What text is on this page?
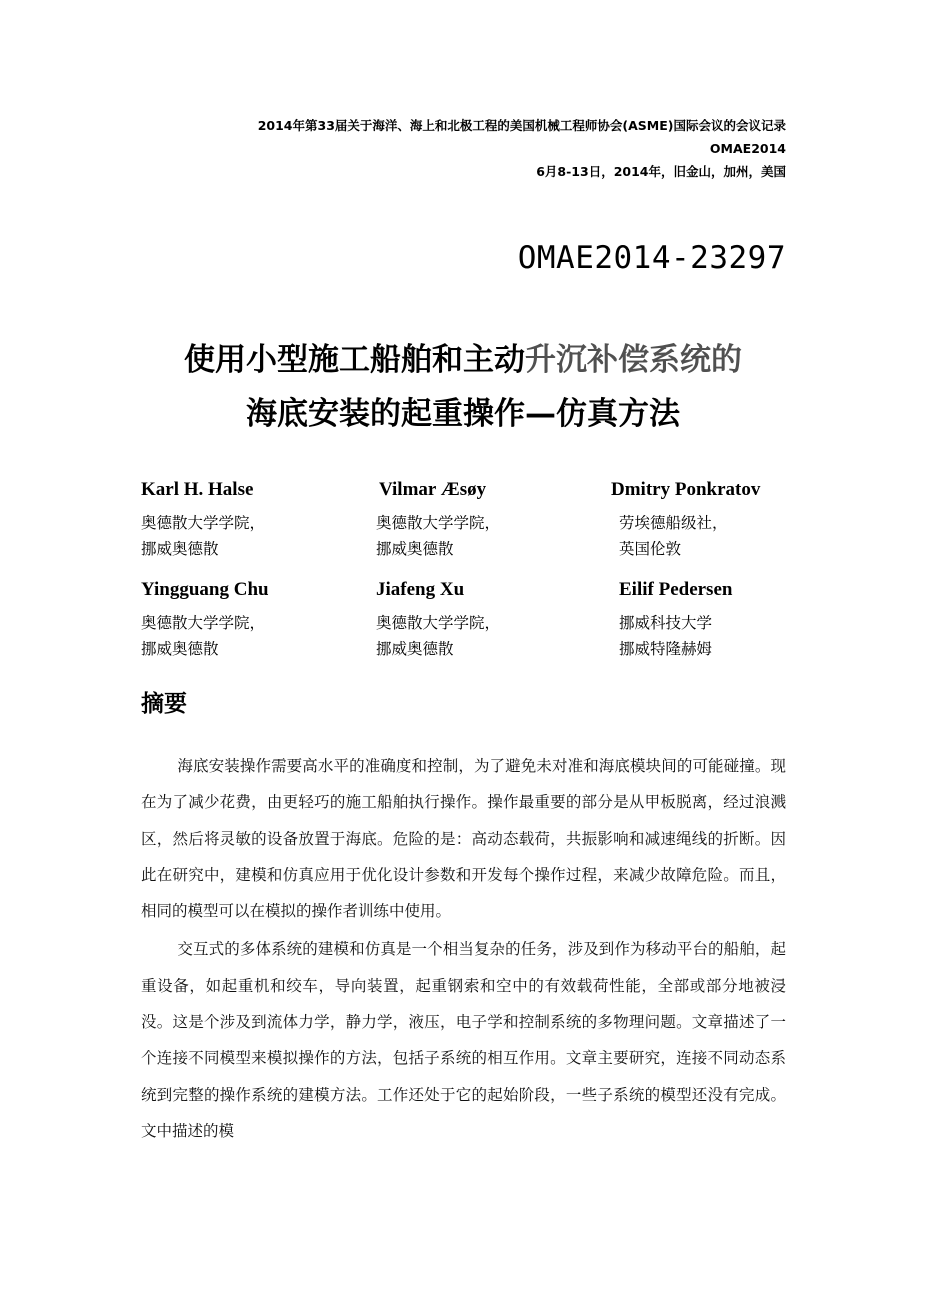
2014年第33届关于海洋、海上和北极工程的美国机械工程师协会(ASME)国际会议的会议记录
OMAE2014
6月8-13日，2014年，旧金山，加州，美国
OMAE2014-23297
使用小型施工船舶和主动升沉补偿系统的
海底安装的起重操作—仿真方法
Karl H. Halse
奥德散大学学院，
挪威奥德散
Vilmar Æsøy
奥德散大学学院，
挪威奥德散
Dmitry Ponkratov
劳埃德船级社，
英国伦敦
Yingguang Chu
奥德散大学学院，
挪威奥德散
Jiafeng Xu
奥德散大学学院，
挪威奥德散
Eilif Pedersen
挪威科技大学
挪威特隆赫姆
摘要

海底安装操作需要高水平的准确度和控制，为了避免未对准和海底模块间的可能碰撞。现在为了减少花费，由更轻巧的施工船舶执行操作。操作最重要的部分是从甲板脱离，经过浪溅区，然后将灵敏的设备放置于海底。危险的是：高动态载荷，共振影响和减速绳线的折断。因此在研究中，建模和仿真应用于优化设计参数和开发每个操作过程，来减少故障危险。而且，相同的模型可以在模拟的操作者训练中使用。

交互式的多体系统的建模和仿真是一个相当复杂的任务，涉及到作为移动平台的船舶，起重设备，如起重机和绞车，导向装置，起重钢索和空中的有效载荷性能，全部或部分地被浸没。这是个涉及到流体力学，静力学，液压，电子学和控制系统的多物理问题。文章描述了一个连接不同模型来模拟操作的方法，包括子系统的相互作用。文章主要研究，连接不同动态系统到完整的操作系统的建模方法。工作还处于它的起始阶段，一些子系统的模型还没有完成。文中描述的模
